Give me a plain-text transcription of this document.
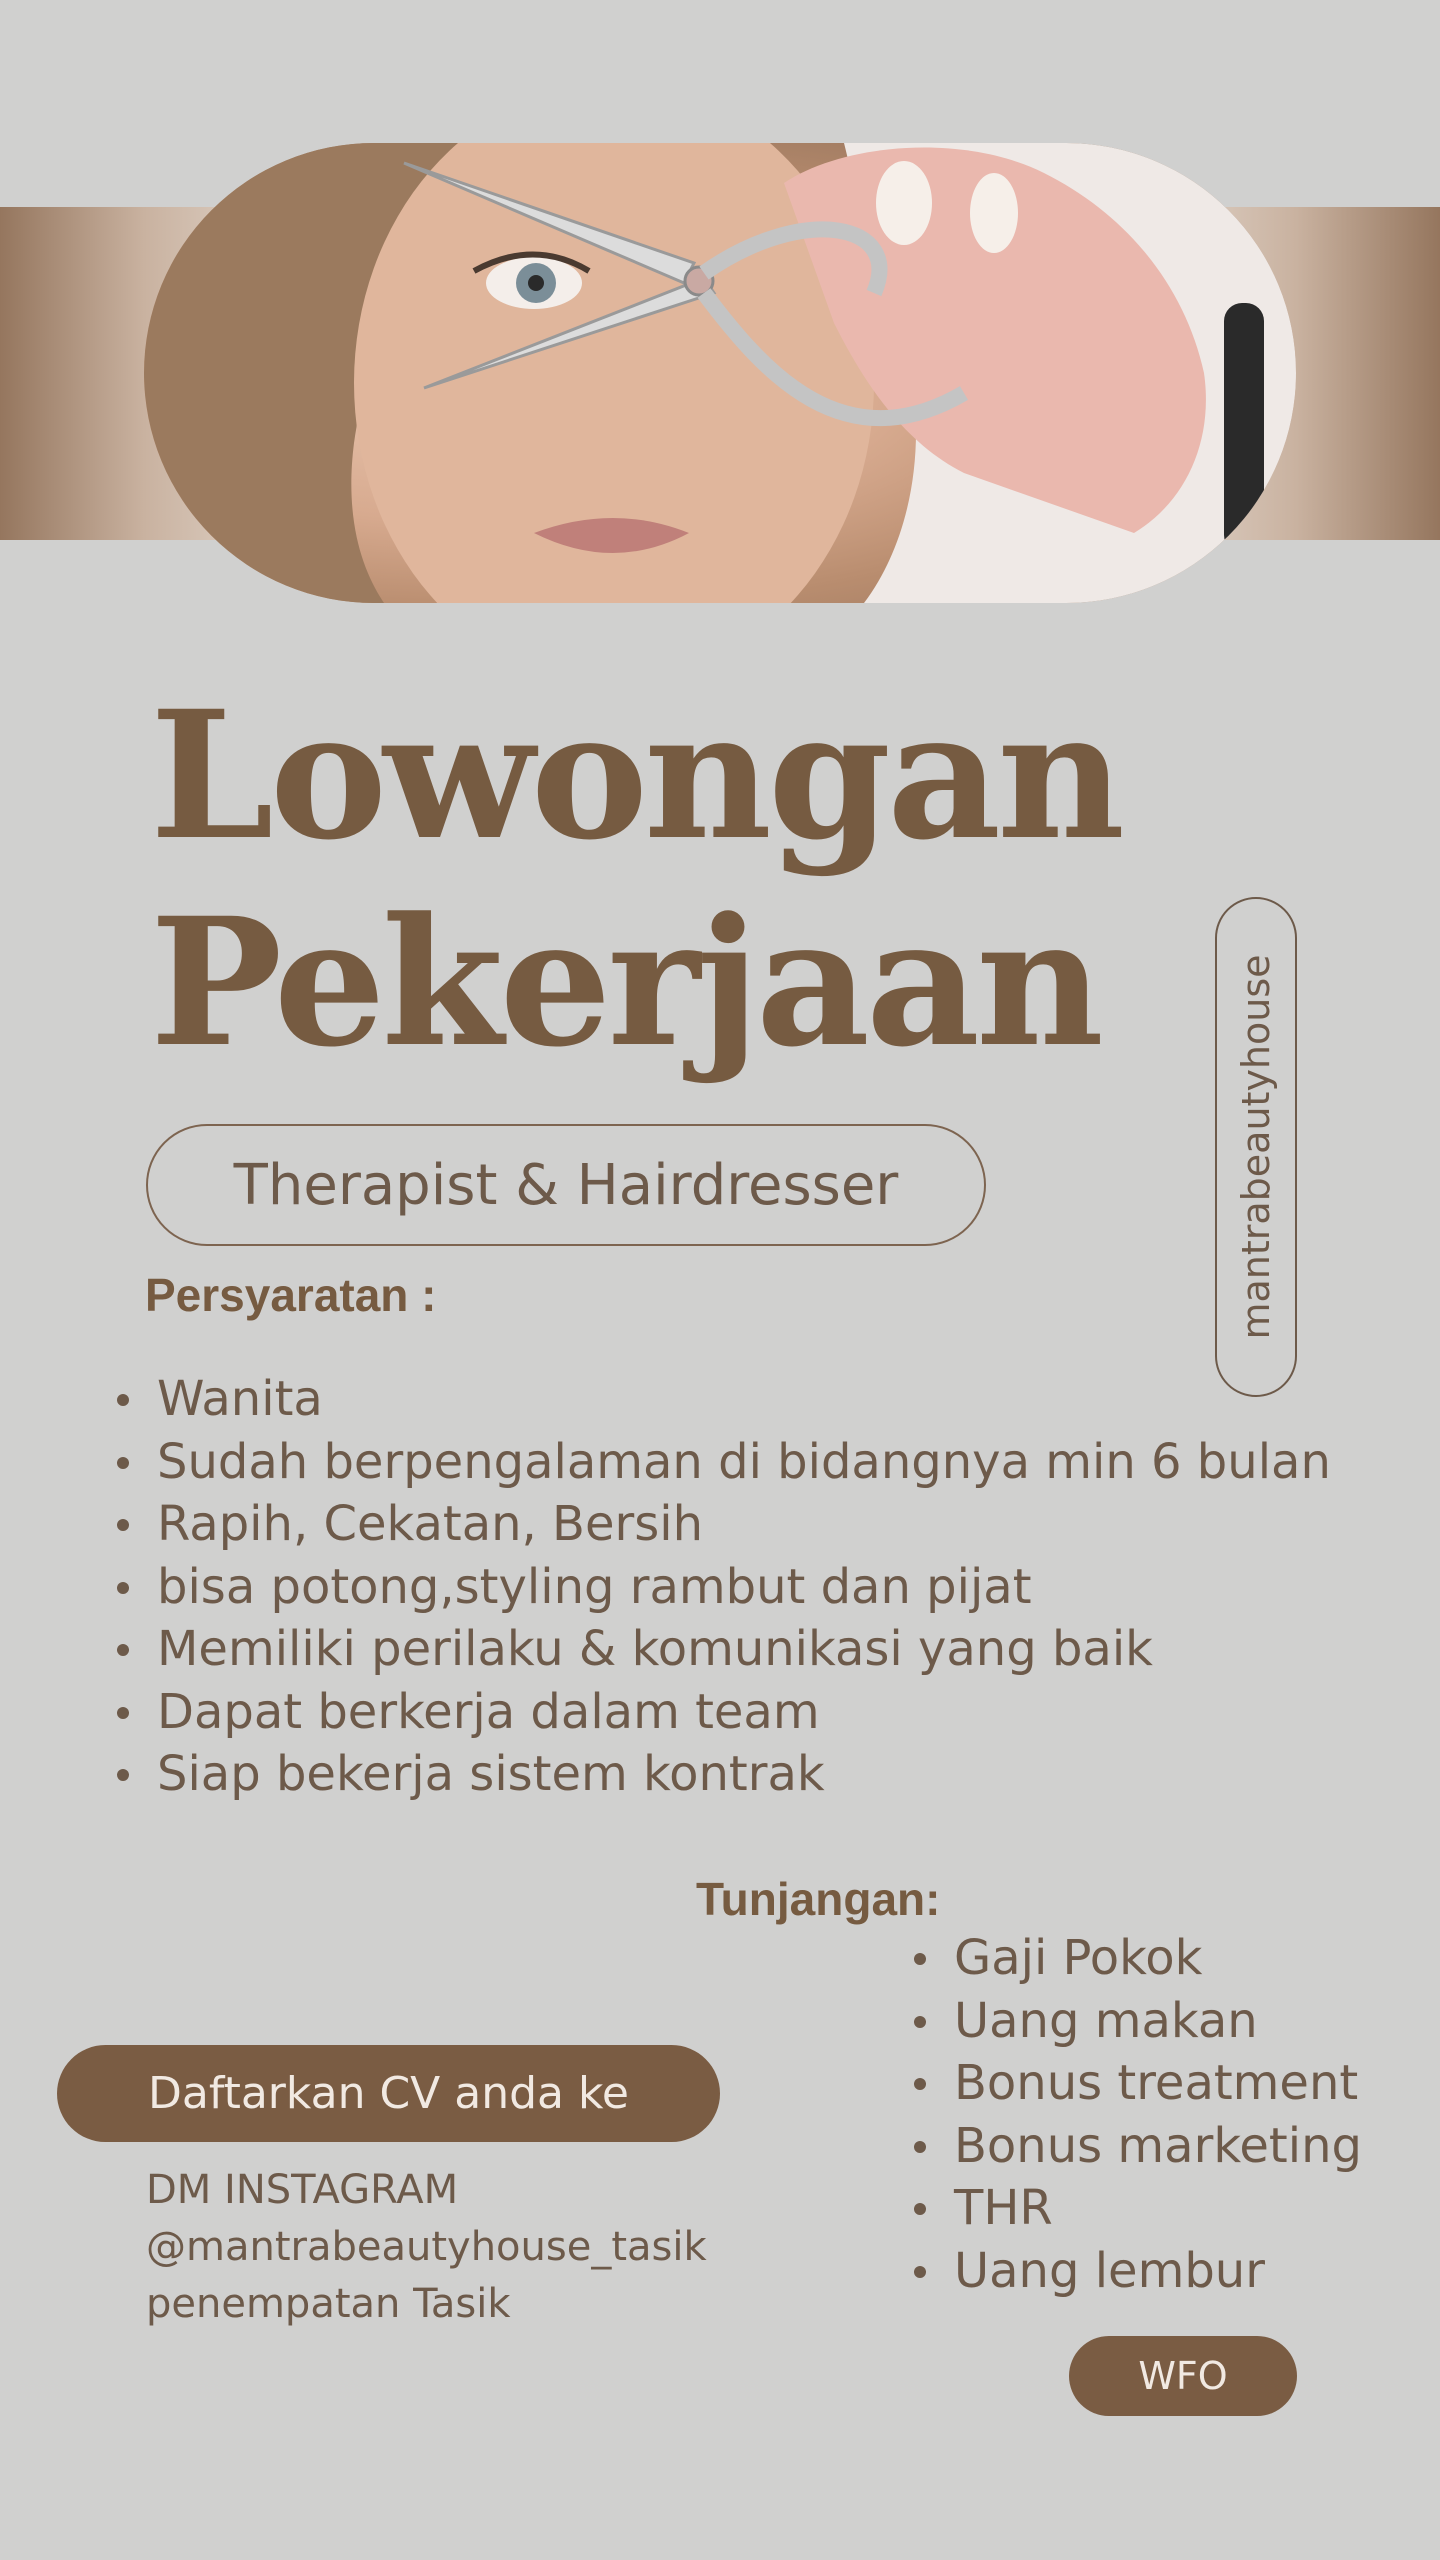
Lowongan
Pekerjaan
Therapist & Hairdresser	mantrabeautyhouse
Persyaratan :
Wanita
Sudah berpengalaman di bidangnya min 6 bulan
Rapih, Cekatan, Bersih
bisa potong,styling rambut dan pijat
Memiliki perilaku & komunikasi yang baik
Dapat berkerja dalam team
Siap bekerja sistem kontrak
Tunjangan:
Gaji Pokok
Uang makan
Bonus treatment
Bonus marketing
THR
Uang lembur
Daftarkan CV anda ke
DM INSTAGRAM
@mantrabeautyhouse_tasik
penempatan Tasik
WFO
